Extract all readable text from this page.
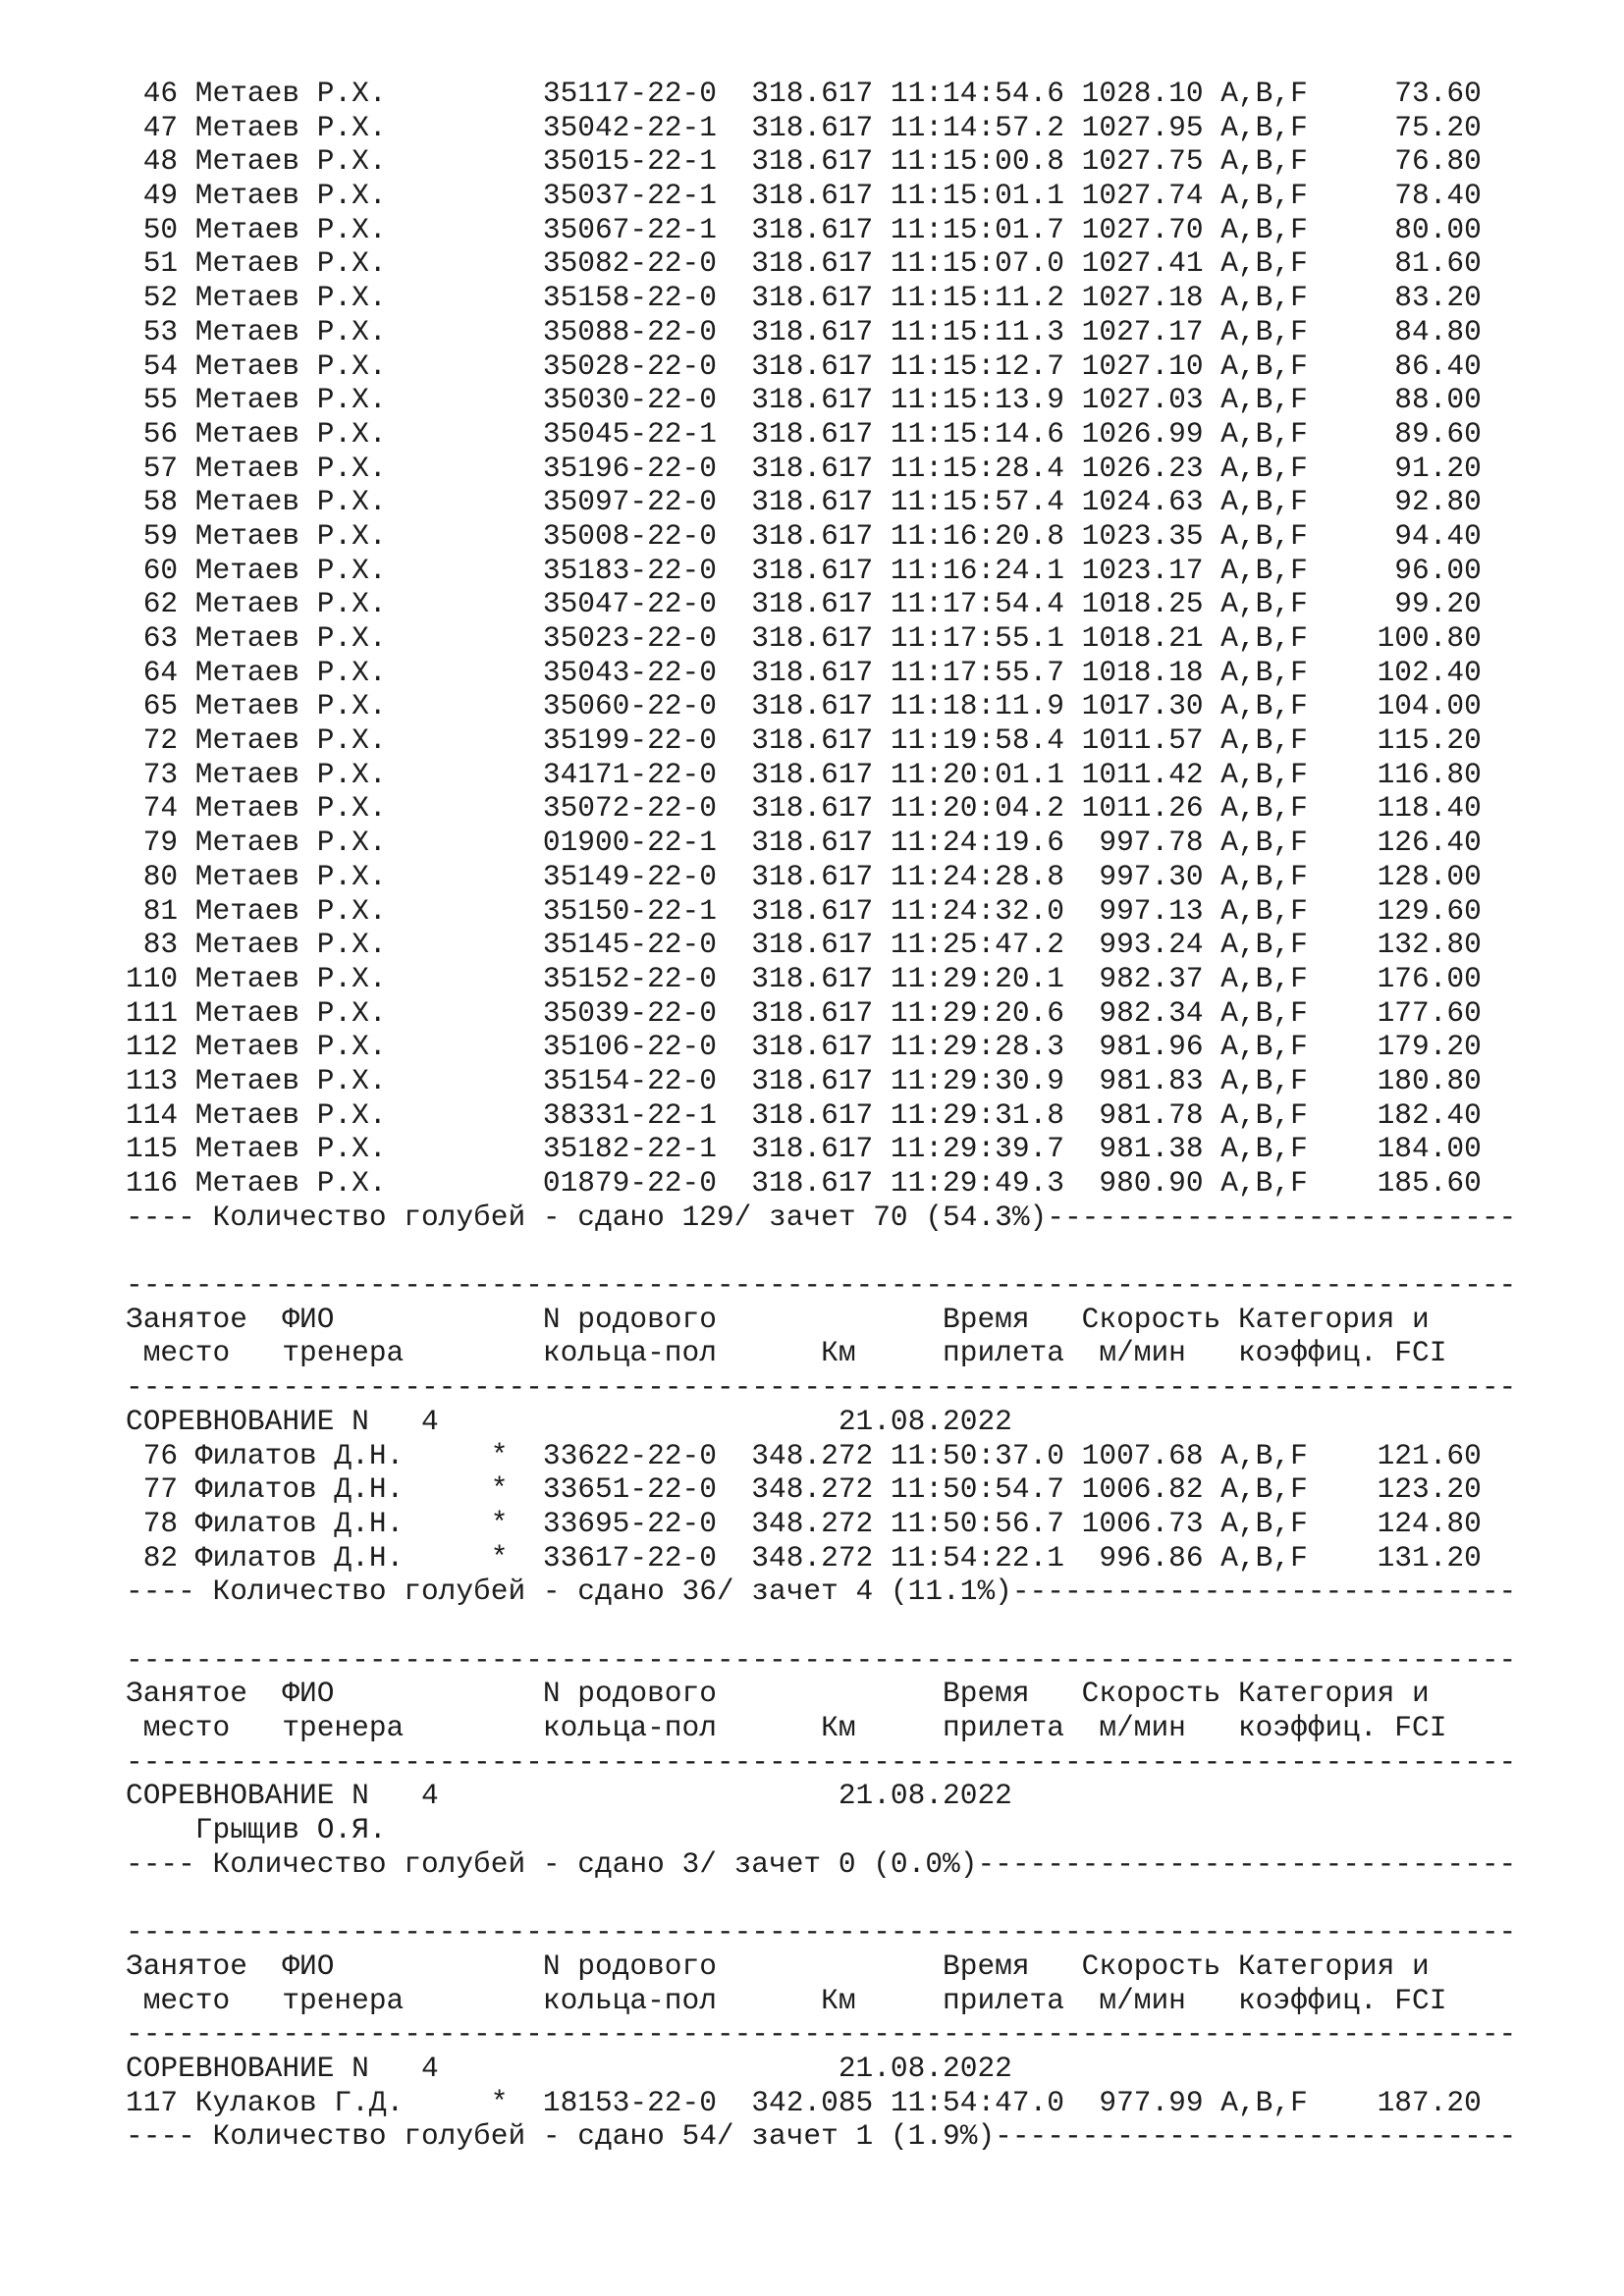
46 Метаев Р.Х.         35117-22-0  318.617 11:14:54.6 1028.10 A,B,F     73.60
47 Метаев Р.Х.         35042-22-1  318.617 11:14:57.2 1027.95 A,B,F     75.20
48 Метаев Р.Х.         35015-22-1  318.617 11:15:00.8 1027.75 A,B,F     76.80
49 Метаев Р.Х.         35037-22-1  318.617 11:15:01.1 1027.74 A,B,F     78.40
50 Метаев Р.Х.         35067-22-1  318.617 11:15:01.7 1027.70 A,B,F     80.00
51 Метаев Р.Х.         35082-22-0  318.617 11:15:07.0 1027.41 A,B,F     81.60
52 Метаев Р.Х.         35158-22-0  318.617 11:15:11.2 1027.18 A,B,F     83.20
53 Метаев Р.Х.         35088-22-0  318.617 11:15:11.3 1027.17 A,B,F     84.80
54 Метаев Р.Х.         35028-22-0  318.617 11:15:12.7 1027.10 A,B,F     86.40
55 Метаев Р.Х.         35030-22-0  318.617 11:15:13.9 1027.03 A,B,F     88.00
56 Метаев Р.Х.         35045-22-1  318.617 11:15:14.6 1026.99 A,B,F     89.60
57 Метаев Р.Х.         35196-22-0  318.617 11:15:28.4 1026.23 A,B,F     91.20
58 Метаев Р.Х.         35097-22-0  318.617 11:15:57.4 1024.63 A,B,F     92.80
59 Метаев Р.Х.         35008-22-0  318.617 11:16:20.8 1023.35 A,B,F     94.40
60 Метаев Р.Х.         35183-22-0  318.617 11:16:24.1 1023.17 A,B,F     96.00
62 Метаев Р.Х.         35047-22-0  318.617 11:17:54.4 1018.25 A,B,F     99.20
63 Метаев Р.Х.         35023-22-0  318.617 11:17:55.1 1018.21 A,B,F    100.80
64 Метаев Р.Х.         35043-22-0  318.617 11:17:55.7 1018.18 A,B,F    102.40
65 Метаев Р.Х.         35060-22-0  318.617 11:18:11.9 1017.30 A,B,F    104.00
72 Метаев Р.Х.         35199-22-0  318.617 11:19:58.4 1011.57 A,B,F    115.20
73 Метаев Р.Х.         34171-22-0  318.617 11:20:01.1 1011.42 A,B,F    116.80
74 Метаев Р.Х.         35072-22-0  318.617 11:20:04.2 1011.26 A,B,F    118.40
79 Метаев Р.Х.         01900-22-1  318.617 11:24:19.6  997.78 A,B,F    126.40
80 Метаев Р.Х.         35149-22-0  318.617 11:24:28.8  997.30 A,B,F    128.00
81 Метаев Р.Х.         35150-22-1  318.617 11:24:32.0  997.13 A,B,F    129.60
83 Метаев Р.Х.         35145-22-0  318.617 11:25:47.2  993.24 A,B,F    132.80
110 Метаев Р.Х.         35152-22-0  318.617 11:29:20.1  982.37 A,B,F    176.00
111 Метаев Р.Х.         35039-22-0  318.617 11:29:20.6  982.34 A,B,F    177.60
112 Метаев Р.Х.         35106-22-0  318.617 11:29:28.3  981.96 A,B,F    179.20
113 Метаев Р.Х.         35154-22-0  318.617 11:29:30.9  981.83 A,B,F    180.80
114 Метаев Р.Х.         38331-22-1  318.617 11:29:31.8  981.78 A,B,F    182.40
115 Метаев Р.Х.         35182-22-1  318.617 11:29:39.7  981.38 A,B,F    184.00
116 Метаев Р.Х.         01879-22-0  318.617 11:29:49.3  980.90 A,B,F    185.60
---- Количество голубей - сдано 129/ зачет 70 (54.3%)---------------------------
--------------------------------------------------------------------------------
Занятое  ФИО            N родового             Время   Скорость Категория и
место   тренера        кольца-пол      Км     прилета  м/мин   коэффиц. FCI
--------------------------------------------------------------------------------
СОРЕВНОВАНИЕ N   4                       21.08.2022
76 Филатов Д.Н.     *  33622-22-0  348.272 11:50:37.0 1007.68 A,B,F    121.60
77 Филатов Д.Н.     *  33651-22-0  348.272 11:50:54.7 1006.82 A,B,F    123.20
78 Филатов Д.Н.     *  33695-22-0  348.272 11:50:56.7 1006.73 A,B,F    124.80
82 Филатов Д.Н.     *  33617-22-0  348.272 11:54:22.1  996.86 A,B,F    131.20
---- Количество голубей - сдано 36/ зачет 4 (11.1%)-----------------------------
--------------------------------------------------------------------------------
Занятое  ФИО            N родового             Время   Скорость Категория и
место   тренера        кольца-пол      Км     прилета  м/мин   коэффиц. FCI
--------------------------------------------------------------------------------
СОРЕВНОВАНИЕ N   4                       21.08.2022
Грыщив О.Я.
---- Количество голубей - сдано 3/ зачет 0 (0.0%)-------------------------------
--------------------------------------------------------------------------------
Занятое  ФИО            N родового             Время   Скорость Категория и
место   тренера        кольца-пол      Км     прилета  м/мин   коэффиц. FCI
--------------------------------------------------------------------------------
СОРЕВНОВАНИЕ N   4                       21.08.2022
117 Кулаков Г.Д.     *  18153-22-0  342.085 11:54:47.0  977.99 A,B,F    187.20
---- Количество голубей - сдано 54/ зачет 1 (1.9%)------------------------------
